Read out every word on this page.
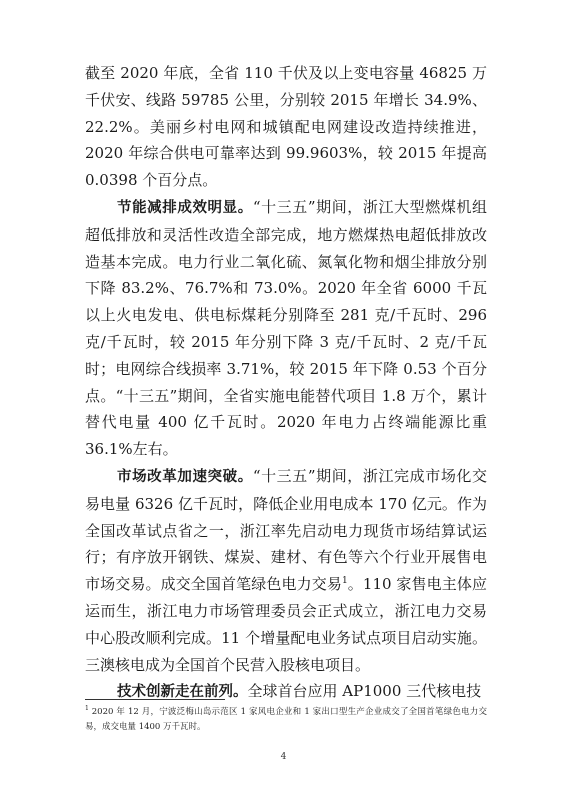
截至 2020 年底，全省 110 千伏及以上变电容量 46825 万千伏安、线路 59785 公里，分别较 2015 年增长 34.9%、22.2%。美丽乡村电网和城镇配电网建设改造持续推进，2020 年综合供电可靠率达到 99.9603%，较 2015 年提高 0.0398 个百分点。

节能减排成效明显。“十三五”期间，浙江大型燃煤机组超低排放和灵活性改造全部完成，地方燃煤热电超低排放改造基本完成。电力行业二氧化硫、氮氧化物和烟尘排放分别下降 83.2%、76.7%和 73.0%。2020 年全省 6000 千瓦以上火电发电、供电标煤耗分别降至 281 克/千瓦时、296 克/千瓦时，较 2015 年分别下降 3 克/千瓦时、2 克/千瓦时；电网综合线损率 3.71%，较 2015 年下降 0.53 个百分点。“十三五”期间，全省实施电能替代项目 1.8 万个，累计替代电量 400 亿千瓦时。2020 年电力占终端能源比重 36.1%左右。

市场改革加速突破。“十三五”期间，浙江完成市场化交易电量 6326 亿千瓦时，降低企业用电成本 170 亿元。作为全国改革试点省之一，浙江率先启动电力现货市场结算试运行；有序放开钢铁、煤炭、建材、有色等六个行业开展售电市场交易。成交全国首笔绿色电力交易$^1$。110 家售电主体应运而生，浙江电力市场管理委员会正式成立，浙江电力交易中心股改顺利完成。11 个增量配电业务试点项目启动实施。三澳核电成为全国首个民营入股核电项目。

技术创新走在前列。全球首台应用 AP1000 三代核电技

$^1$ 2020 年 12 月，宁波泛梅山岛示范区 1 家风电企业和 1 家出口型生产企业成交了全国首笔绿色电力交易，成交电量 1400 万千瓦时。
4
